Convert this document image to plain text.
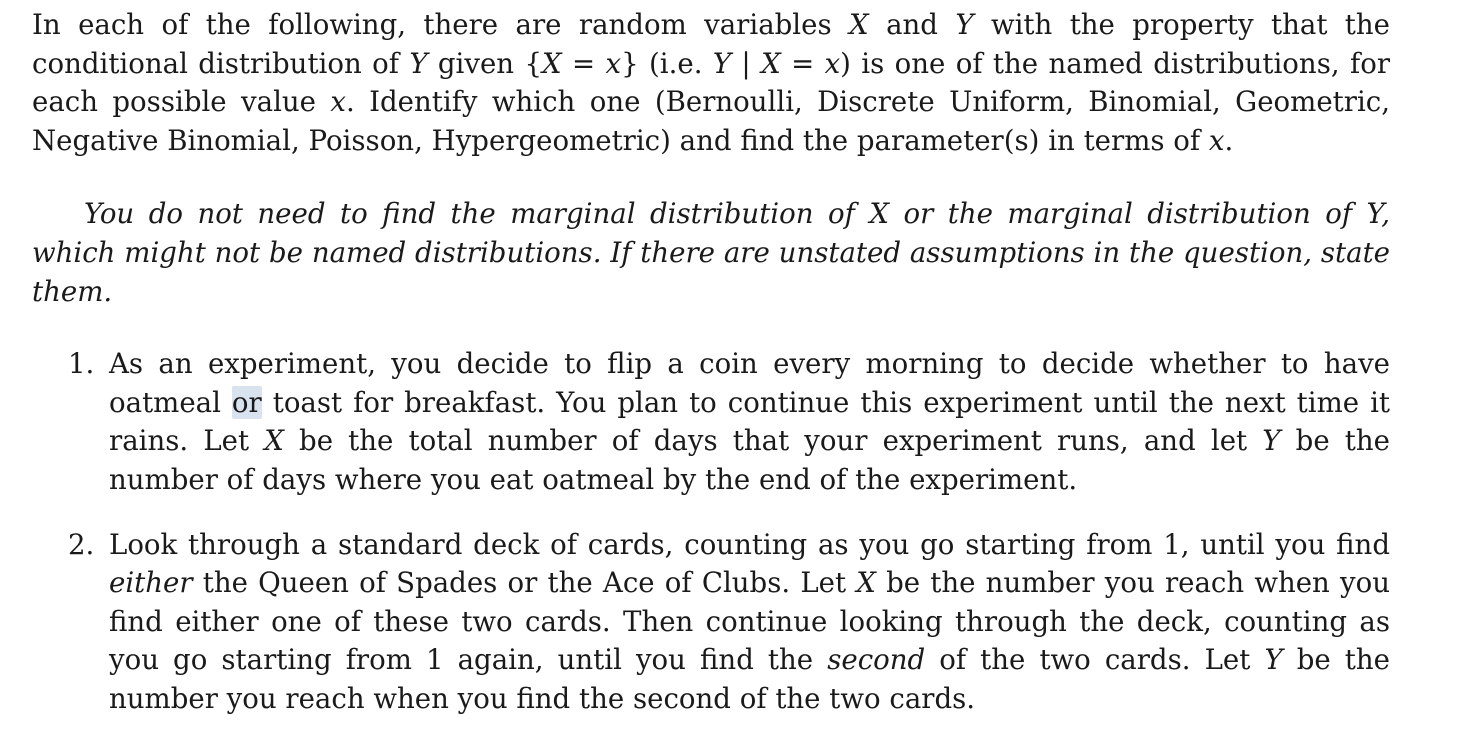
In each of the following, there are random variables X and Y with the property that the conditional distribution of Y given {X = x} (i.e. Y | X = x) is one of the named distributions, for each possible value x. Identify which one (Bernoulli, Discrete Uniform, Binomial, Geometric, Negative Binomial, Poisson, Hypergeometric) and find the parameter(s) in terms of x.

You do not need to find the marginal distribution of X or the marginal distribution of Y, which might not be named distributions. If there are unstated assumptions in the question, state them.

1. As an experiment, you decide to flip a coin every morning to decide whether to have oatmeal or toast for breakfast. You plan to continue this experiment until the next time it rains. Let X be the total number of days that your experiment runs, and let Y be the number of days where you eat oatmeal by the end of the experiment.
2. Look through a standard deck of cards, counting as you go starting from 1, until you find either the Queen of Spades or the Ace of Clubs. Let X be the number you reach when you find either one of these two cards. Then continue looking through the deck, counting as you go starting from 1 again, until you find the second of the two cards. Let Y be the number you reach when you find the second of the two cards.
